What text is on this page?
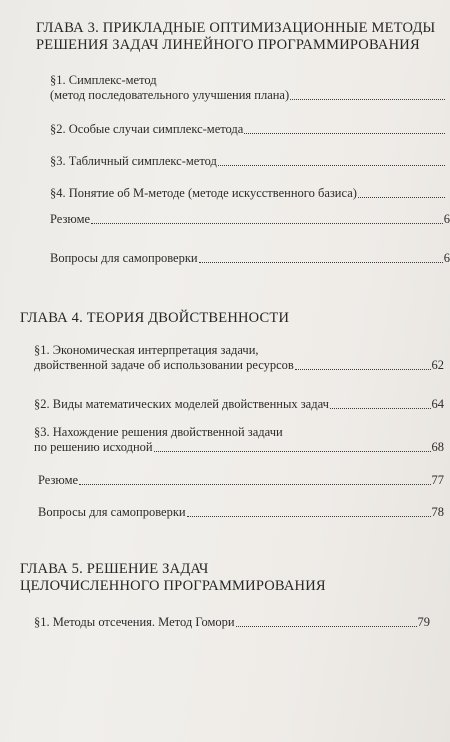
ГЛАВА 3. ПРИКЛАДНЫЕ ОПТИМИЗАЦИОННЫЕ МЕТОДЫ
РЕШЕНИЯ ЗАДАЧ ЛИНЕЙНОГО ПРОГРАММИРОВАНИЯ
§1. Симплекс-метод
(метод последовательного улучшения плана)
§2. Особые случаи симплекс-метода
§3. Табличный симплекс-метод
§4. Понятие об М-методе (методе искусственного базиса)
Резюме	6
Вопросы для самопроверки	6
ГЛАВА 4. ТЕОРИЯ ДВОЙСТВЕННОСТИ
§1. Экономическая интерпретация задачи,
двойственной задаче об использовании ресурсов	62
§2. Виды математических моделей двойственных задач	64
§3. Нахождение решения двойственной задачи
по решению исходной	68
Резюме	77
Вопросы для самопроверки	78
ГЛАВА 5. РЕШЕНИЕ ЗАДАЧ
ЦЕЛОЧИСЛЕННОГО ПРОГРАММИРОВАНИЯ
§1. Методы отсечения. Метод Гомори	79
